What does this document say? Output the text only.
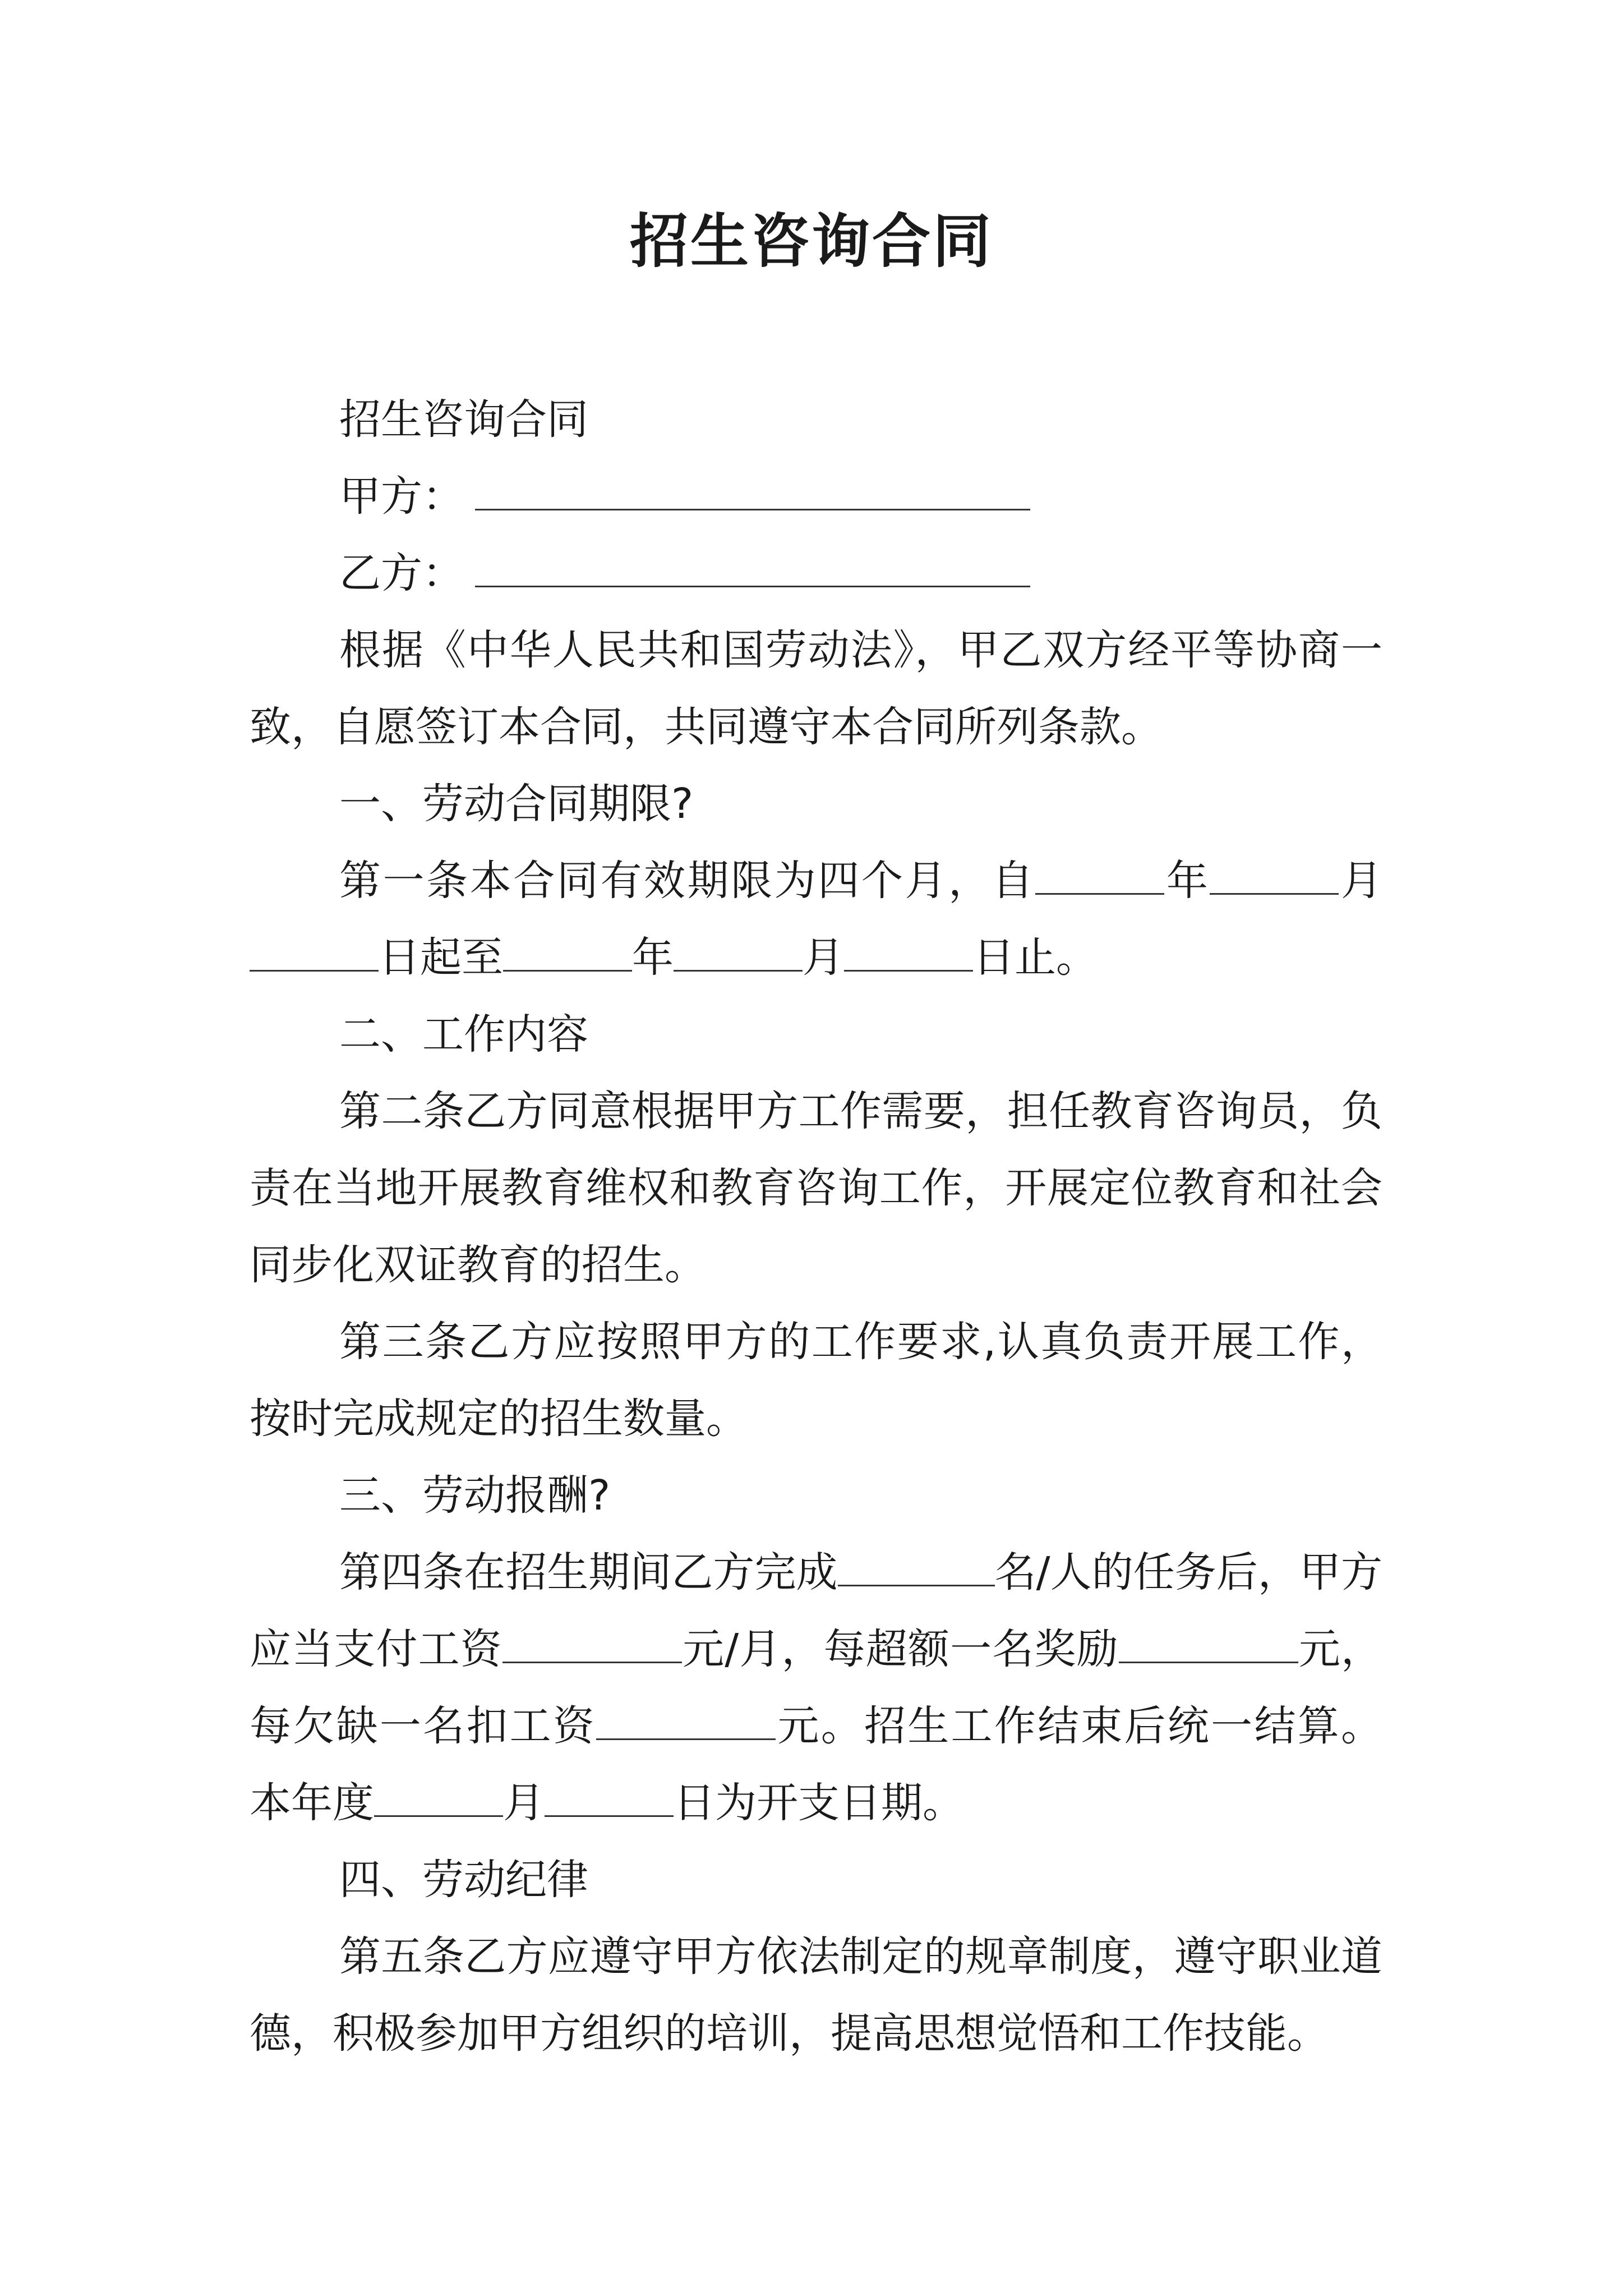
招生咨询合同

招生咨询合同

甲方：

乙方：

根据《中华人民共和国劳动法》，甲乙双方经平等协商一致，自愿签订本合同，共同遵守本合同所列条款。

一、劳动合同期限?

第一条本合同有效期限为四个月，自	年	月日起至	年	月	日止。

二、工作内容

第二条乙方同意根据甲方工作需要，担任教育咨询员，负责在当地开展教育维权和教育咨询工作，开展定位教育和社会同步化双证教育的招生。

第三条乙方应按照甲方的工作要求,认真负责开展工作，按时完成规定的招生数量。

三、劳动报酬?

第四条在招生期间乙方完成	名/人的任务后，甲方应当支付工资	元/月，每超额一名奖励	元，每欠缺一名扣工资	元。招生工作结束后统一结算。本年度	月	日为开支日期。

四、劳动纪律

第五条乙方应遵守甲方依法制定的规章制度，遵守职业道德，积极参加甲方组织的培训，提高思想觉悟和工作技能。
